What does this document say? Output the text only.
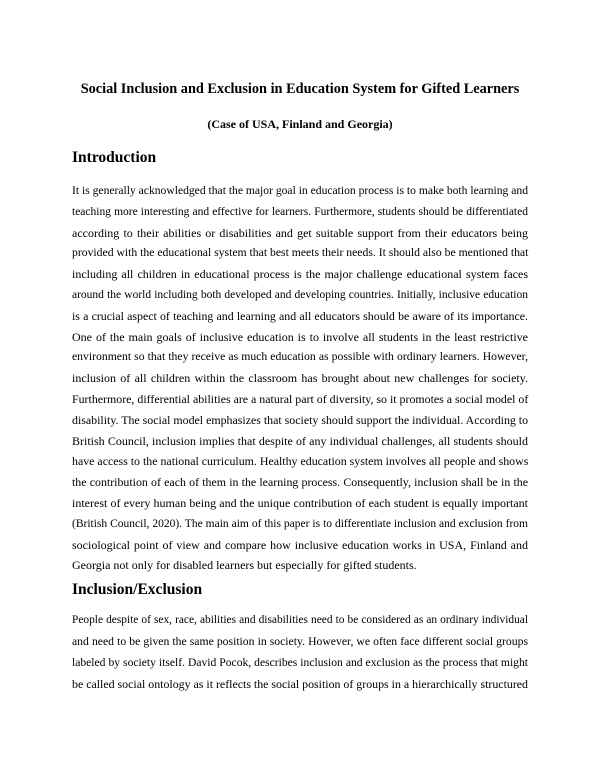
Social Inclusion and Exclusion in Education System for Gifted Learners
(Case of USA, Finland and Georgia)
Introduction
It is generally acknowledged that the major goal in education process is to make both learning and
teaching more interesting and effective for learners. Furthermore, students should be differentiated
according to their abilities or disabilities and get suitable support from their educators being
provided with the educational system that best meets their needs. It should also be mentioned that
including all children in educational process is the major challenge educational system faces
around the world including both developed and developing countries. Initially, inclusive education
is a crucial aspect of teaching and learning and all educators should be aware of its importance.
One of the main goals of inclusive education is to involve all students in the least restrictive
environment so that they receive as much education as possible with ordinary learners. However,
inclusion of all children within the classroom has brought about new challenges for society.
Furthermore, differential abilities are a natural part of diversity, so it promotes a social model of
disability. The social model emphasizes that society should support the individual. According to
British Council, inclusion implies that despite of any individual challenges, all students should
have access to the national curriculum. Healthy education system involves all people and shows
the contribution of each of them in the learning process. Consequently, inclusion shall be in the
interest of every human being and the unique contribution of each student is equally important
(British Council, 2020). The main aim of this paper is to differentiate inclusion and exclusion from
sociological point of view and compare how inclusive education works in USA, Finland and
Georgia not only for disabled learners but especially for gifted students.
Inclusion/Exclusion
People despite of sex, race, abilities and disabilities need to be considered as an ordinary individual
and need to be given the same position in society. However, we often face different social groups
labeled by society itself. David Pocok, describes inclusion and exclusion as the process that might
be called social ontology as it reflects the social position of groups in a hierarchically structured
